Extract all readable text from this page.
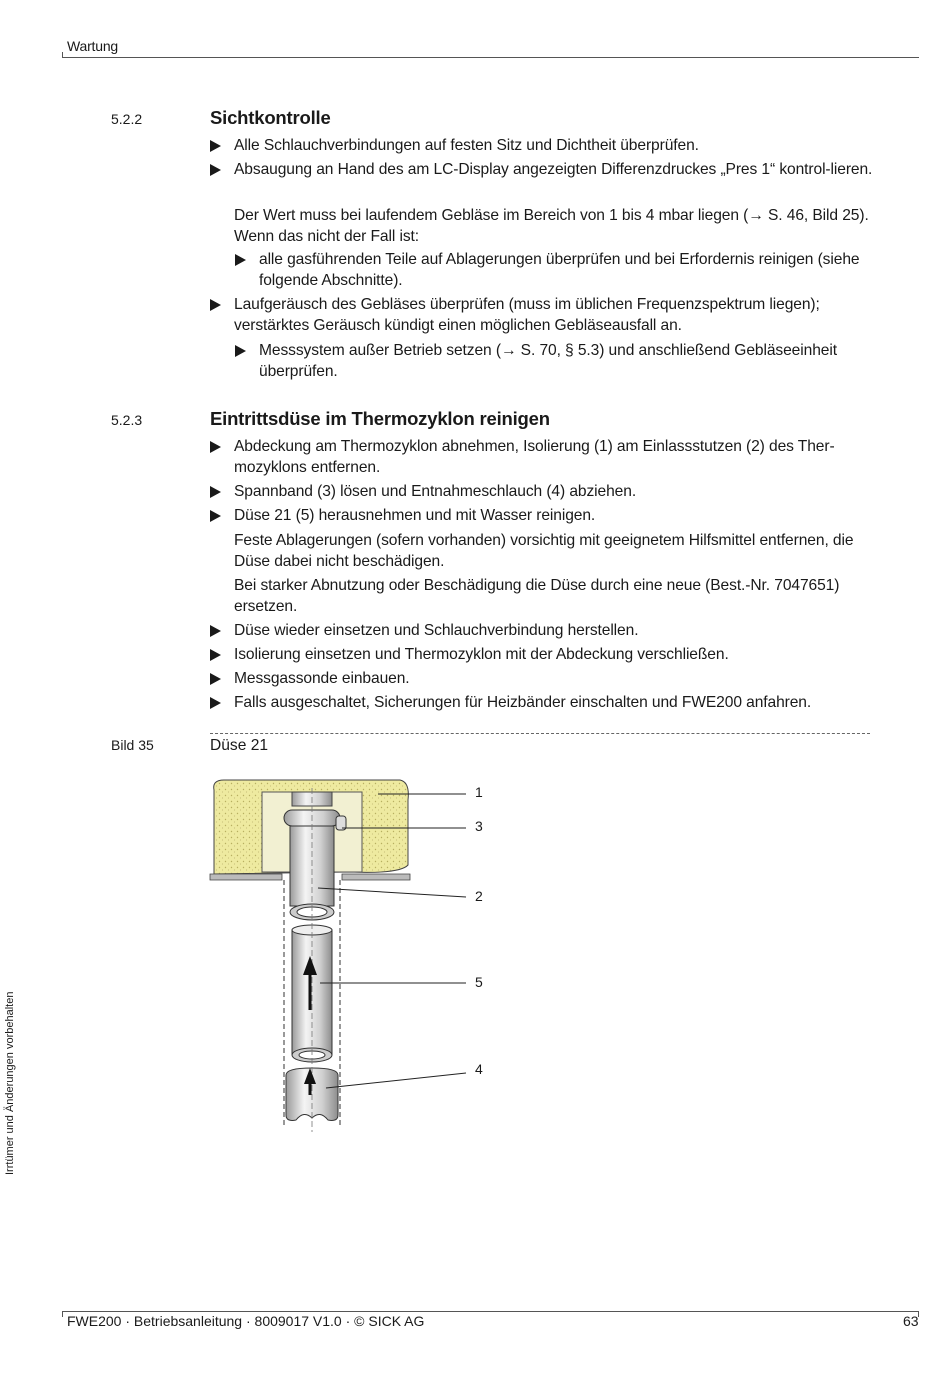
Wartung
5.2.2	Sichtkontrolle
Alle Schlauchverbindungen auf festen Sitz und Dichtheit überprüfen.
Absaugung an Hand des am LC-Display angezeigten Differenzdruckes „Pres 1“ kontrol-lieren.
Der Wert muss bei laufendem Gebläse im Bereich von 1 bis 4 mbar liegen (→ S. 46, Bild 25). Wenn das nicht der Fall ist:
alle gasführenden Teile auf Ablagerungen überprüfen und bei Erfordernis reinigen (siehe folgende Abschnitte).
Laufgeräusch des Gebläses überprüfen (muss im üblichen Frequenzspektrum liegen); verstärktes Geräusch kündigt einen möglichen Gebläseausfall an.
Messsystem außer Betrieb setzen (→ S. 70, § 5.3) und anschließend Gebläseeinheit überprüfen.
5.2.3	Eintrittsdüse im Thermozyklon reinigen
Abdeckung am Thermozyklon abnehmen, Isolierung (1) am Einlassstutzen (2) des Ther-mozyklons entfernen.
Spannband (3) lösen und Entnahmeschlauch (4) abziehen.
Düse 21 (5) herausnehmen und mit Wasser reinigen.
Feste Ablagerungen (sofern vorhanden) vorsichtig mit geeignetem Hilfsmittel entfernen, die Düse dabei nicht beschädigen.
Bei starker Abnutzung oder Beschädigung die Düse durch eine neue (Best.-Nr. 7047651) ersetzen.
Düse wieder einsetzen und Schlauchverbindung herstellen.
Isolierung einsetzen und Thermozyklon mit der Abdeckung verschließen.
Messgassonde einbauen.
Falls ausgeschaltet, Sicherungen für Heizbänder einschalten und FWE200 anfahren.
Bild 35	Düse 21
1
3
2
5
4
Irrtümer und Änderungen vorbehalten
FWE200 · Betriebsanleitung · 8009017 V1.0 · © SICK AG	63
